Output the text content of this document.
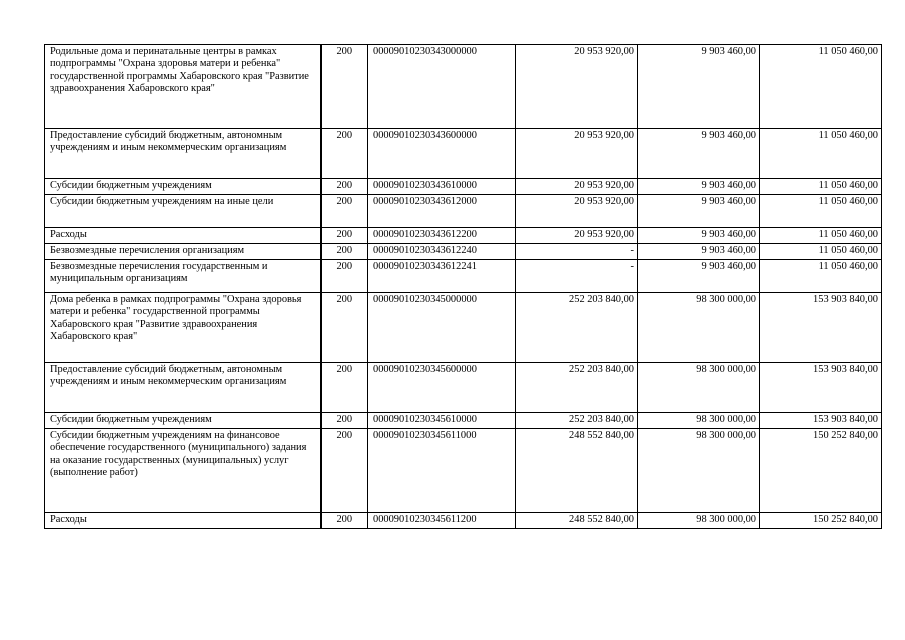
Родильные дома и перинатальные центры в рамках подпрограммы "Охрана здоровья матери и ребенка" государственной программы Хабаровского края "Развитие здравоохранения Хабаровского края"	200	00009010230343000000	20 953 920,00	9 903 460,00	11 050 460,00
Предоставление субсидий бюджетным, автономным учреждениям и иным некоммерческим организациям	200	00009010230343600000	20 953 920,00	9 903 460,00	11 050 460,00
Субсидии бюджетным учреждениям	200	00009010230343610000	20 953 920,00	9 903 460,00	11 050 460,00
Субсидии бюджетным учреждениям на иные цели	200	00009010230343612000	20 953 920,00	9 903 460,00	11 050 460,00
Расходы	200	00009010230343612200	20 953 920,00	9 903 460,00	11 050 460,00
Безвозмездные перечисления организациям	200	00009010230343612240	-	9 903 460,00	11 050 460,00
Безвозмездные перечисления государственным и муниципальным организациям	200	00009010230343612241	-	9 903 460,00	11 050 460,00
Дома ребенка в рамках подпрограммы "Охрана здоровья матери и ребенка" государственной программы Хабаровского края "Развитие здравоохранения Хабаровского края"	200	00009010230345000000	252 203 840,00	98 300 000,00	153 903 840,00
Предоставление субсидий бюджетным, автономным учреждениям и иным некоммерческим организациям	200	00009010230345600000	252 203 840,00	98 300 000,00	153 903 840,00
Субсидии бюджетным учреждениям	200	00009010230345610000	252 203 840,00	98 300 000,00	153 903 840,00
Субсидии бюджетным учреждениям на финансовое обеспечение государственного (муниципального) задания на оказание государственных (муниципальных) услуг (выполнение работ)	200	00009010230345611000	248 552 840,00	98 300 000,00	150 252 840,00
Расходы	200	00009010230345611200	248 552 840,00	98 300 000,00	150 252 840,00
